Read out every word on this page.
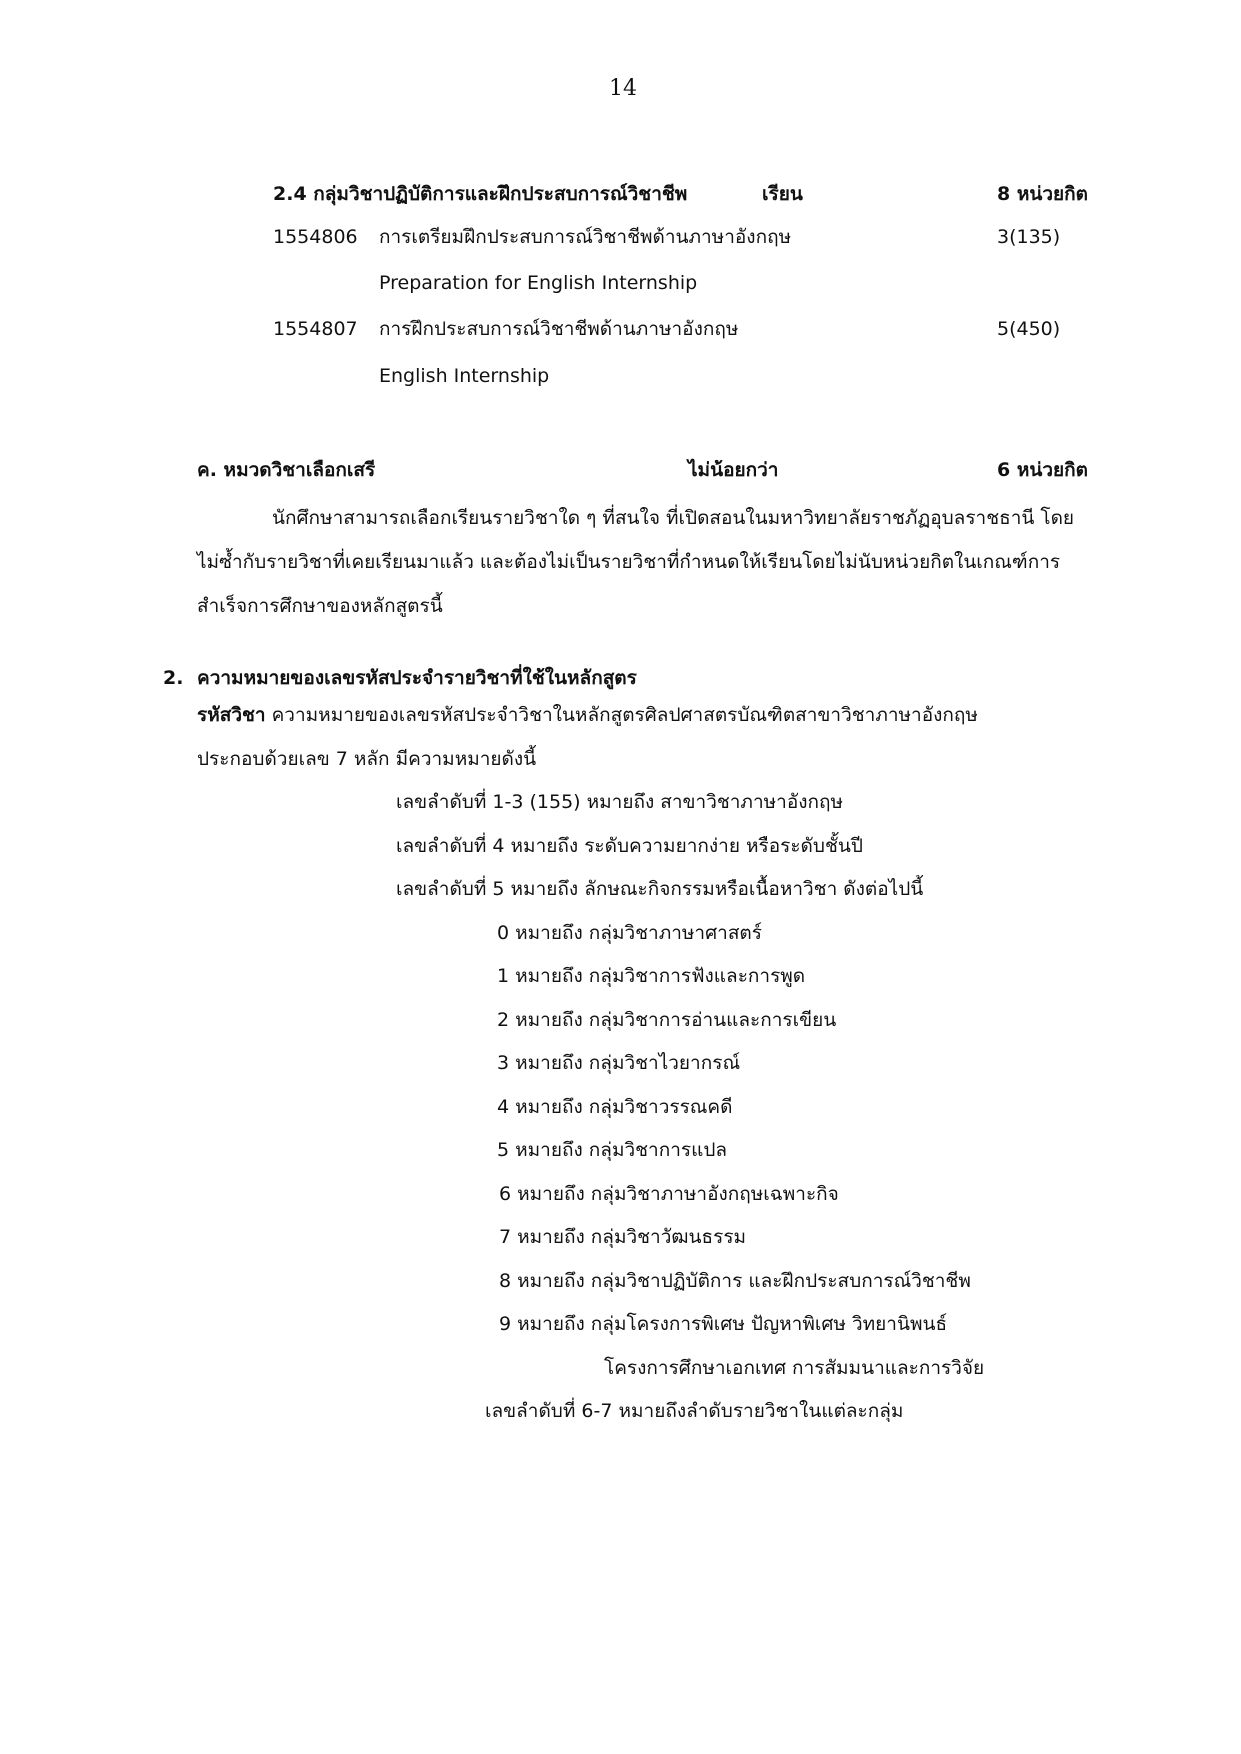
14
2.4 กลุ่มวิชาปฏิบัติการและฝึกประสบการณ์วิชาชีพ	เรียน	8 หน่วยกิต
1554806 การเตรียมฝึกประสบการณ์วิชาชีพด้านภาษาอังกฤษ	3(135)
Preparation for English Internship
1554807 การฝึกประสบการณ์วิชาชีพด้านภาษาอังกฤษ	5(450)
English Internship
ค. หมวดวิชาเลือกเสรี	ไม่น้อยกว่า	6 หน่วยกิต

นักศึกษาสามารถเลือกเรียนรายวิชาใด ๆ ที่สนใจ ที่เปิดสอนในมหาวิทยาลัยราชภัฏอุบลราชธานี โดย

ไม่ซ้ำกับรายวิชาที่เคยเรียนมาแล้ว และต้องไม่เป็นรายวิชาที่กำหนดให้เรียนโดยไม่นับหน่วยกิตในเกณฑ์การ

สำเร็จการศึกษาของหลักสูตรนี้

2. ความหมายของเลขรหัสประจำรายวิชาที่ใช้ในหลักสูตร
รหัสวิชา ความหมายของเลขรหัสประจำวิชาในหลักสูตรศิลปศาสตรบัณฑิตสาขาวิชาภาษาอังกฤษ
ประกอบด้วยเลข 7 หลัก มีความหมายดังนี้
เลขลำดับที่ 1-3 (155) หมายถึง สาขาวิชาภาษาอังกฤษ
เลขลำดับที่ 4 หมายถึง ระดับความยากง่าย หรือระดับชั้นปี
เลขลำดับที่ 5 หมายถึง ลักษณะกิจกรรมหรือเนื้อหาวิชา ดังต่อไปนี้
0 หมายถึง กลุ่มวิชาภาษาศาสตร์
1 หมายถึง กลุ่มวิชาการฟังและการพูด
2 หมายถึง กลุ่มวิชาการอ่านและการเขียน
3 หมายถึง กลุ่มวิชาไวยากรณ์
4 หมายถึง กลุ่มวิชาวรรณคดี
5 หมายถึง กลุ่มวิชาการแปล
6 หมายถึง กลุ่มวิชาภาษาอังกฤษเฉพาะกิจ
7 หมายถึง กลุ่มวิชาวัฒนธรรม
8 หมายถึง กลุ่มวิชาปฏิบัติการ และฝึกประสบการณ์วิชาชีพ
9 หมายถึง กลุ่มโครงการพิเศษ ปัญหาพิเศษ วิทยานิพนธ์
โครงการศึกษาเอกเทศ การสัมมนาและการวิจัย
เลขลำดับที่ 6-7 หมายถึงลำดับรายวิชาในแต่ละกลุ่ม
